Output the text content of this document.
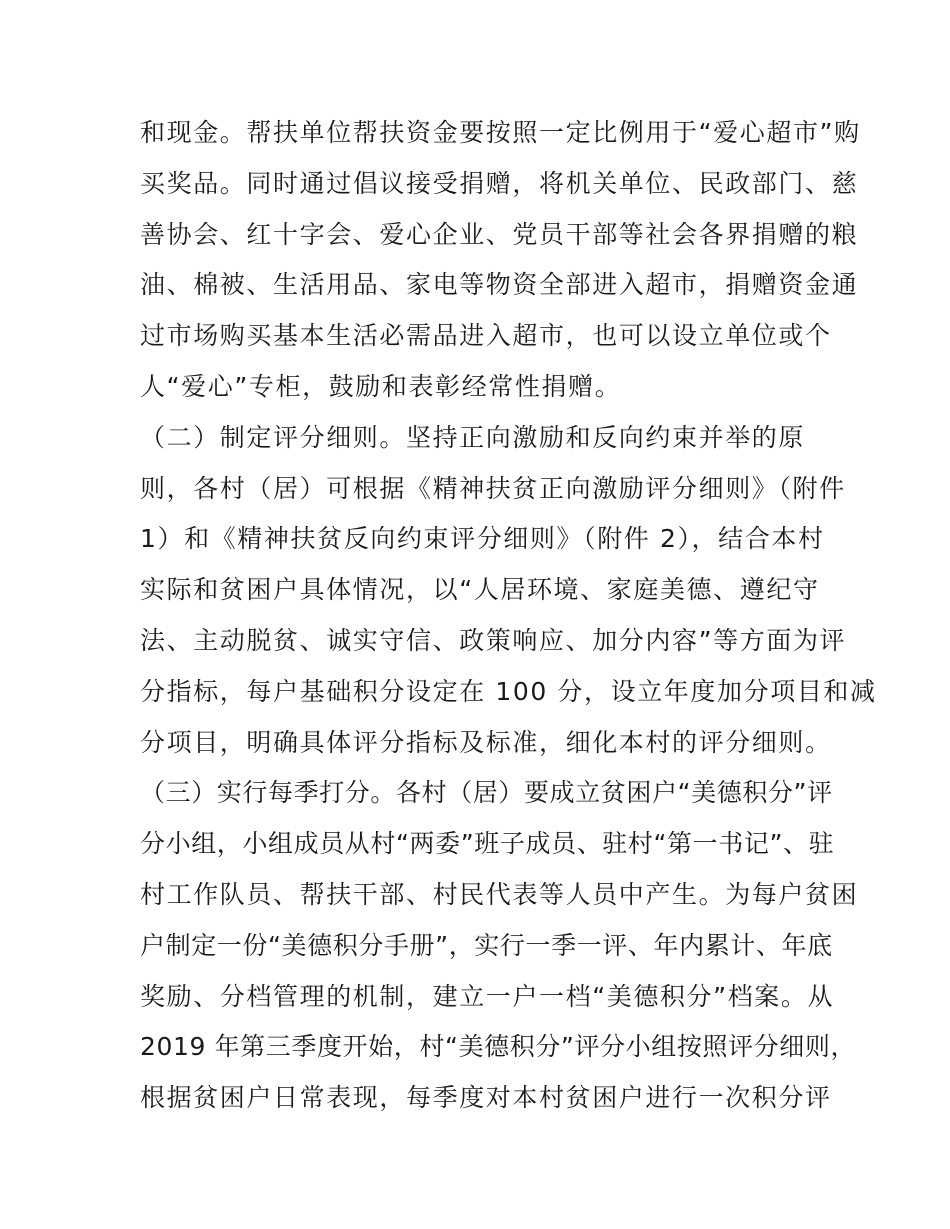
和现金。帮扶单位帮扶资金要按照一定比例用于“爱心超市”购
买奖品。同时通过倡议接受捐赠，将机关单位、民政部门、慈
善协会、红十字会、爱心企业、党员干部等社会各界捐赠的粮
油、棉被、生活用品、家电等物资全部进入超市，捐赠资金通
过市场购买基本生活必需品进入超市，也可以设立单位或个
人“爱心”专柜，鼓励和表彰经常性捐赠。
（二）制定评分细则。坚持正向激励和反向约束并举的原
则，各村（居）可根据《精神扶贫正向激励评分细则》（附件
1）和《精神扶贫反向约束评分细则》（附件 2），结合本村
实际和贫困户具体情况，以“人居环境、家庭美德、遵纪守
法、主动脱贫、诚实守信、政策响应、加分内容”等方面为评
分指标，每户基础积分设定在 100 分，设立年度加分项目和减
分项目，明确具体评分指标及标准，细化本村的评分细则。
（三）实行每季打分。各村（居）要成立贫困户“美德积分”评
分小组，小组成员从村“两委”班子成员、驻村“第一书记”、驻
村工作队员、帮扶干部、村民代表等人员中产生。为每户贫困
户制定一份“美德积分手册”，实行一季一评、年内累计、年底
奖励、分档管理的机制，建立一户一档“美德积分”档案。从
2019 年第三季度开始，村“美德积分”评分小组按照评分细则，
根据贫困户日常表现，每季度对本村贫困户进行一次积分评
